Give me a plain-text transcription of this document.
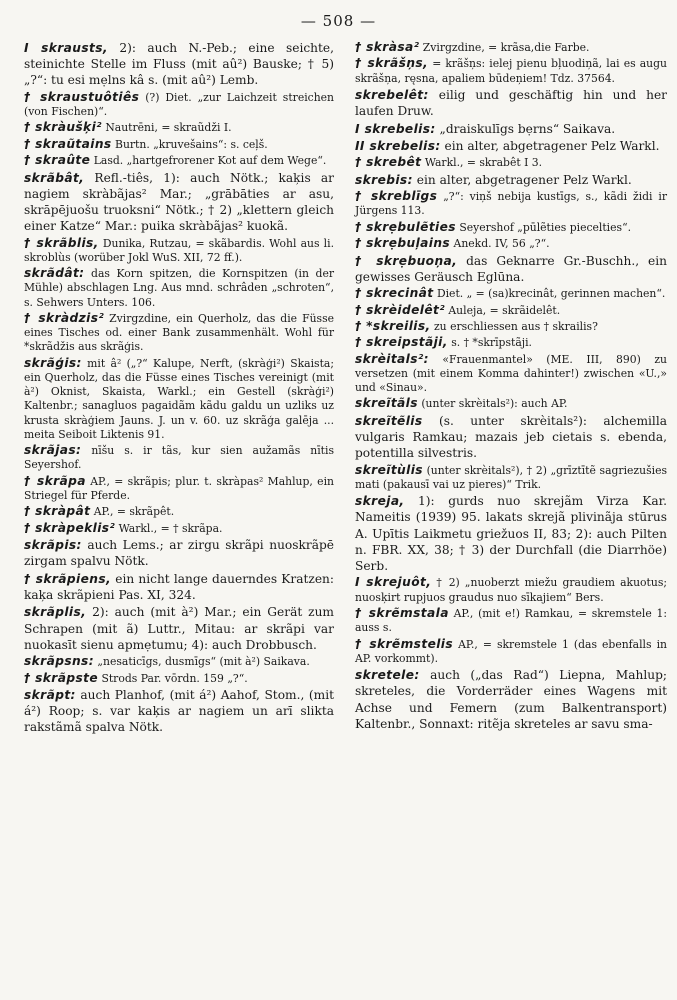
— 508 —

I skrausts, 2): auch N.-Peb.; eine seichte, steinichte Stelle im Fluss (mit aû²) Bauske; † 5) „?“: tu esi mẹlns kâ s. (mit aû²) Lemb.

† skraustuôtiês (?) Diet. „zur Laichzeit streichen (von Fischen)“.

† skràušķi² Nautrēni, = skraũdži I.

† skraũtains Burtn. „kruvešains“: s. ceļš.

† skraûte Lasd. „hartgefrorener Kot auf dem Wege“.

skrãbât, Refl.-tiês, 1): auch Nötk.; kaķis ar nagiem skràbãjas² Mar.; „grābāties ar asu, skrāpējuošu truoksni“ Nötk.; † 2) „klettern gleich einer Katze“ Mar.: puika skràbãjas² kuokã.

† skrãblis, Dunika, Rutzau, = skãbardis. Wohl aus li. skroblùs (worüber Jokl WuS. XII, 72 ff.).

skrãdât: das Korn spitzen, die Kornspitzen (in der Mühle) abschlagen Lng. Aus mnd. schrâden „schroten“, s. Sehwers Unters. 106.

† skràdzis² Zvirgzdine, ein Querholz, das die Füsse eines Tisches od. einer Bank zusammenhält. Wohl für *skrãdžis aus skrãģis.

skrãģis: mit â² („?“ Kalupe, Nerft, (skràģi²) Skaista; ein Querholz, das die Füsse eines Tisches vereinigt (mit à²) Oknist, Skaista, Warkl.; ein Gestell (skràģi²) Kaltenbr.; sanagluos pagaidãm kãdu galdu un uzliks uz krusta skràģiem Jauns. J. un v. 60. uz skrãģa galēja ... meita Seiboit Liktenis 91.

skrãjas: nīšu s. ir tãs, kur sien aužamãs nītis Seyershof.

† skrãpa AP., = skrãpis; plur. t. skràpas² Mahlup, ein Striegel für Pferde.

† skràpât AP., = skrãpêt.

† skràpeklis² Warkl., = † skrãpa.

skrãpis: auch Lems.; ar zirgu skrãpi nuoskrãpē zirgam spalvu Nötk.

† skrãpiens, ein nicht lange dauerndes Kratzen: kaķa skrãpieni Pas. XI, 324.

skrãplis, 2): auch (mit à²) Mar.; ein Gerät zum Schrapen (mit ã) Luttr., Mitau: ar skrãpi var nuokasīt sienu apmẹtumu; 4): auch Drobbusch.

skrãpsns: „nesaticīgs, dusmīgs“ (mit à²) Saikava.

† skrãpste Strods Par. vōrdn. 159 „?“.

skrãpt: auch Planhof, (mit á²) Aahof, Stom., (mit á²) Roop; s. var kaķis ar nagiem un arī slikta rakstãmã spalva Nötk.

† skràsa² Zvirgzdine, = krãsa,die Farbe.

† skrãšņs, = krãšņs: ielej pienu bļuodiņã, lai es augu skrãšņa, ręsna, apaliem būdeņiem! Tdz. 37564.

skrebelêt: eilig und geschäftig hin und her laufen Druw.

I skrebelis: „draiskulīgs bẹrns“ Saikava.

II skrebelis: ein alter, abgetragener Pelz Warkl.

† skrebêt Warkl., = skrabêt I 3.

skrebis: ein alter, abgetragener Pelz Warkl.

† skreblīgs „?“: viņš nebija kustīgs, s., kãdi židi ir Jürgens 113.

† skrẹbulẽties Seyershof „pūlẽties piecelties“.

† skrẹbuļains Anekd. IV, 56 „?“.

† skrẹbuoņa, das Geknarre Gr.-Buschh., ein gewisses Geräusch Eglūna.

† skrecinât Diet. „ = (sa)krecinât, gerinnen machen“.

† skrèidelêt² Auleja, = skrãidelêt.

† *skreilis, zu erschliessen aus † skrailis?

† skreipstãji, s. † *skrīpstãji.

skrèitals²: «Frauenmantel» (ME. III, 890) zu versetzen (mit einem Komma dahinter!) zwischen «U.,» und «Sinau».

skreĩtãls (unter skrèitals²): auch AP.

skreĩtẽlis (s. unter skrèitals²): alchemilla vulgaris Ramkau; mazais jeb cietais s. ebenda, potentilla silvestris.

skreĩtùlis (unter skrèitals²), † 2) „grīztītẽ sagriezušies mati (pakausī vai uz pieres)“ Trik.

skreja, 1): gurds nuo skrejãm Virza Kar. Nameitis (1939) 95. lakats skrejã plivinãja stūrus A. Upītis Laikmetu griežuos II, 83; 2): auch Pilten n. FBR. XX, 38; † 3) der Durchfall (die Diarrhöe) Serb.

I skrejuôt, † 2) „nuoberzt miežu graudiem akuotus; nuosķirt rupjuos graudus nuo sīkajiem“ Bers.

† skrẽmstala AP., (mit e!) Ramkau, = skremstele 1: auss s.

† skrẽmstelis AP., = skremstele 1 (das ebenfalls in AP. vorkommt).

skretele: auch („das Rad“) Liepna, Mahlup; skreteles, die Vorderräder eines Wagens mit Achse und Femern (zum Balkentransport) Kaltenbr., Sonnaxt: ritẽja skreteles ar savu sma-
